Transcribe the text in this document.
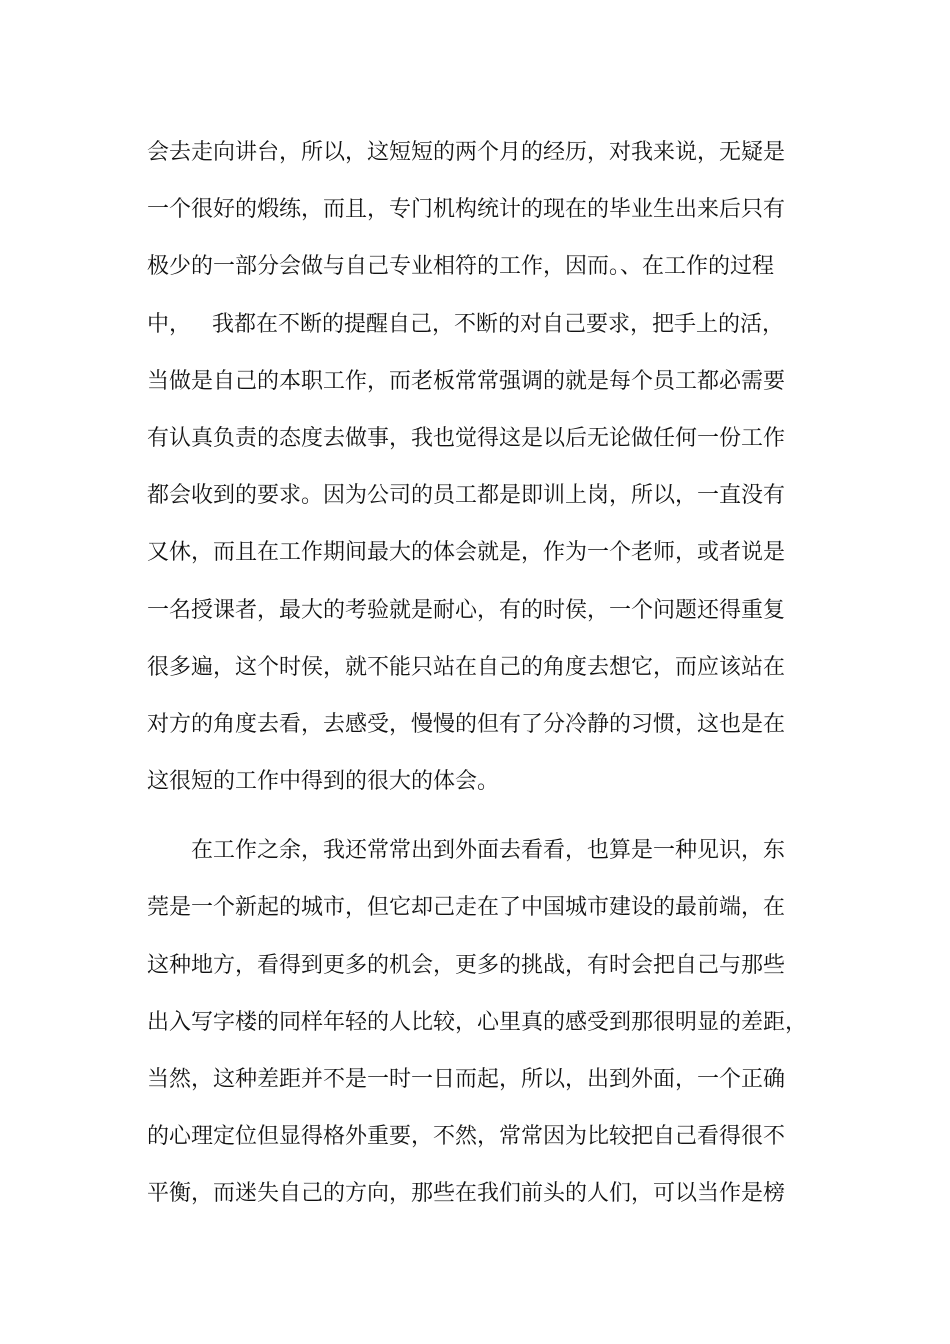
会去走向讲台，所以，这短短的两个月的经历，对我来说，无疑是
一个很好的煅练，而且，专门机构统计的现在的毕业生出来后只有
极少的一部分会做与自己专业相符的工作，因而。、在工作的过程
中，   我都在不断的提醒自己，不断的对自己要求，把手上的活，
当做是自己的本职工作，而老板常常强调的就是每个员工都必需要
有认真负责的态度去做事，我也觉得这是以后无论做任何一份工作
都会收到的要求。因为公司的员工都是即训上岗，所以，一直没有
又休，而且在工作期间最大的体会就是，作为一个老师，或者说是
一名授课者，最大的考验就是耐心，有的时侯，一个问题还得重复
很多遍，这个时侯，就不能只站在自己的角度去想它，而应该站在
对方的角度去看，去感受，慢慢的但有了分冷静的习惯，这也是在
这很短的工作中得到的很大的体会。
在工作之余，我还常常出到外面去看看，也算是一种见识，东
莞是一个新起的城市，但它却己走在了中国城市建设的最前端，在
这种地方，看得到更多的机会，更多的挑战，有时会把自己与那些
出入写字楼的同样年轻的人比较，心里真的感受到那很明显的差距，
当然，这种差距并不是一时一日而起，所以，出到外面，一个正确
的心理定位但显得格外重要，不然，常常因为比较把自己看得很不
平衡，而迷失自己的方向，那些在我们前头的人们，可以当作是榜
